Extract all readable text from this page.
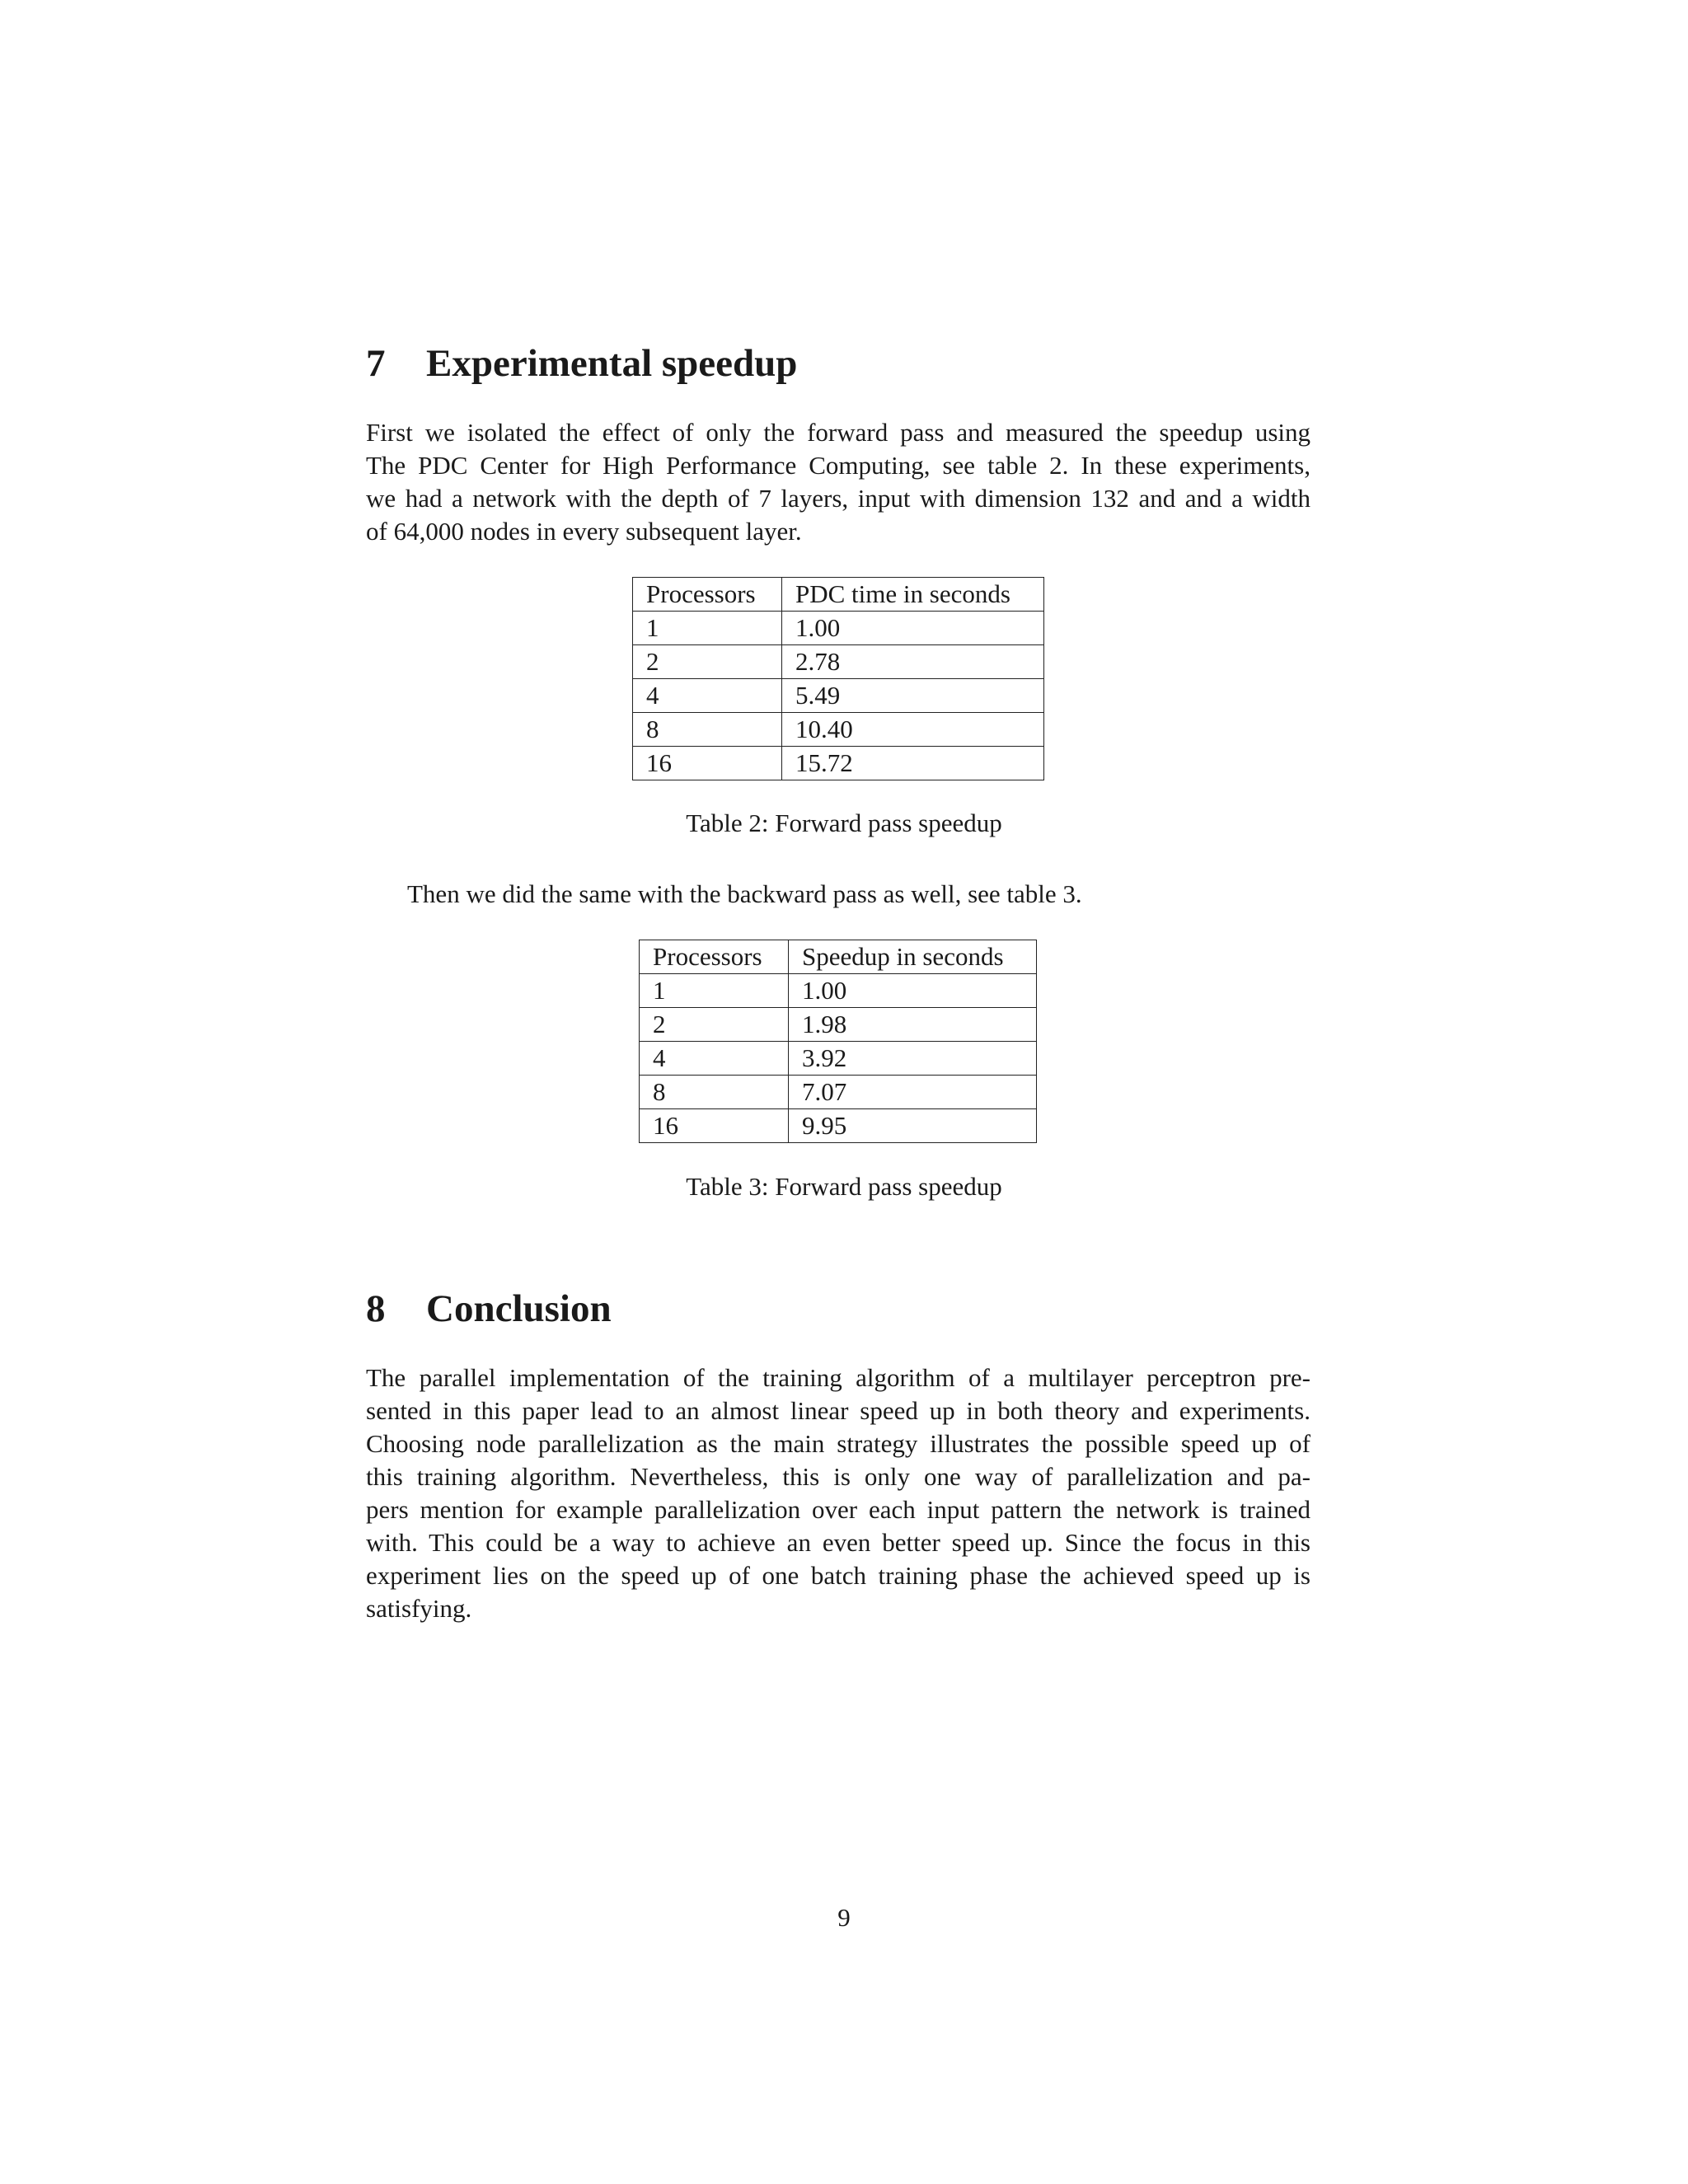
7 Experimental speedup

First we isolated the effect of only the forward pass and measured the speedup using
The PDC Center for High Performance Computing, see table 2. In these experiments,
we had a network with the depth of 7 layers, input with dimension 132 and and a width
of 64,000 nodes in every subsequent layer.

Processors	PDC time in seconds
1	1.00
2	2.78
4	5.49
8	10.40
16	15.72

Table 2: Forward pass speedup

Then we did the same with the backward pass as well, see table 3.

Processors	Speedup in seconds
1	1.00
2	1.98
4	3.92
8	7.07
16	9.95

Table 3: Forward pass speedup

8 Conclusion

The parallel implementation of the training algorithm of a multilayer perceptron pre-
sented in this paper lead to an almost linear speed up in both theory and experiments.
Choosing node parallelization as the main strategy illustrates the possible speed up of
this training algorithm. Nevertheless, this is only one way of parallelization and pa-
pers mention for example parallelization over each input pattern the network is trained
with. This could be a way to achieve an even better speed up. Since the focus in this
experiment lies on the speed up of one batch training phase the achieved speed up is
satisfying.

9
